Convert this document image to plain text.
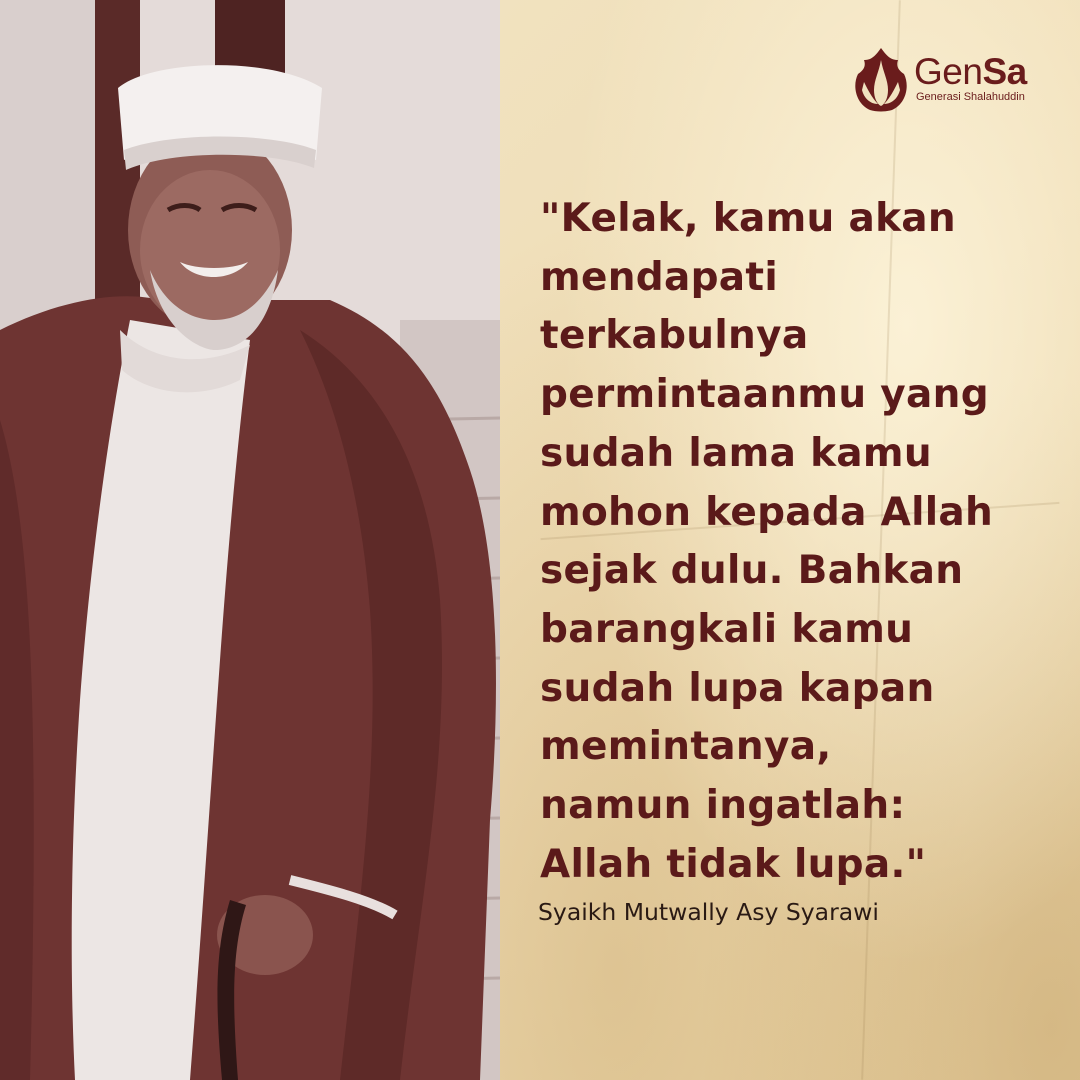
GenSa
Generasi Shalahuddin

"Kelak, kamu akan
mendapati
terkabulnya
permintaanmu yang
sudah lama kamu
mohon kepada Allah
sejak dulu. Bahkan
barangkali kamu
sudah lupa kapan
memintanya,
namun ingatlah:
Allah tidak lupa."

Syaikh Mutwally Asy Syarawi
